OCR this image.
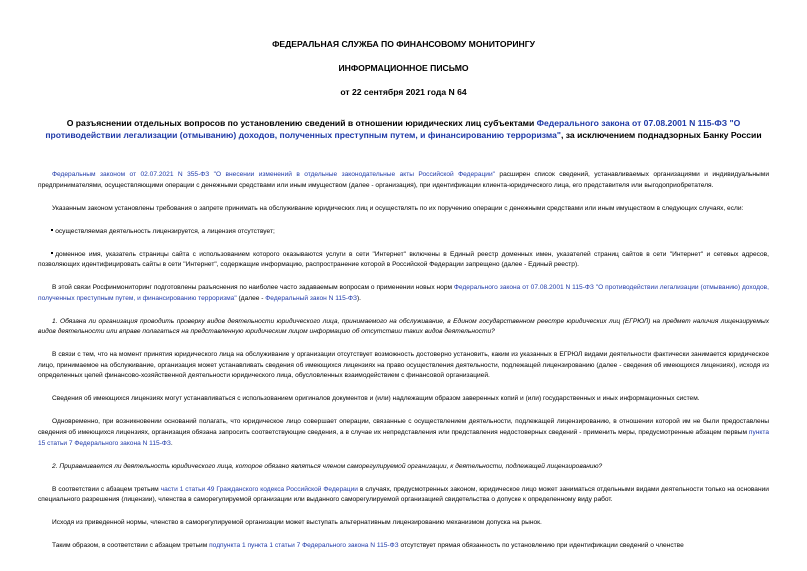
ФЕДЕРАЛЬНАЯ СЛУЖБА ПО ФИНАНСОВОМУ МОНИТОРИНГУ
ИНФОРМАЦИОННОЕ ПИСЬМО
от 22 сентября 2021 года N 64
О разъяснении отдельных вопросов по установлению сведений в отношении юридических лиц субъектами Федерального закона от 07.08.2001 N 115-ФЗ "О противодействии легализации (отмыванию) доходов, полученных преступным путем, и финансированию терроризма", за исключением поднадзорных Банку России
Федеральным законом от 02.07.2021 N 355-ФЗ "О внесении изменений в отдельные законодательные акты Российской Федерации" расширен список сведений, устанавливаемых организациями и индивидуальными предпринимателями, осуществляющими операции с денежными средствами или иным имуществом (далее - организация), при идентификации клиента-юридического лица, его представителя или выгодоприобретателя.
Указанным законом установлены требования о запрете принимать на обслуживание юридических лиц и осуществлять по их поручению операции с денежными средствами или иным имуществом в следующих случаях, если:
осуществляемая деятельность лицензируется, а лицензия отсутствует;
доменное имя, указатель страницы сайта с использованием которого оказываются услуги в сети "Интернет" включены в Единый реестр доменных имен, указателей страниц сайтов в сети "Интернет" и сетевых адресов, позволяющих идентифицировать сайты в сети "Интернет", содержащие информацию, распространение которой в Российской Федерации запрещено (далее - Единый реестр).
В этой связи Росфинмониторинг подготовлены разъяснения по наиболее часто задаваемым вопросам о применении новых норм Федерального закона от 07.08.2001 N 115-ФЗ "О противодействии легализации (отмыванию) доходов, полученных преступным путем, и финансированию терроризма" (далее - Федеральный закон N 115-ФЗ).
1. Обязана ли организация проводить проверку видов деятельности юридического лица, принимаемого на обслуживание, в Едином государственном реестре юридических лиц (ЕГРЮЛ) на предмет наличия лицензируемых видов деятельности или вправе полагаться на представленную юридическим лицом информацию об отсутствии таких видов деятельности?
В связи с тем, что на момент принятия юридического лица на обслуживание у организации отсутствует возможность достоверно установить, каким из указанных в ЕГРЮЛ видами деятельности фактически занимается юридическое лицо, принимаемое на обслуживание, организация может устанавливать сведения об имеющихся лицензиях на право осуществления деятельности, подлежащей лицензированию (далее - сведения об имеющихся лицензиях), исходя из определенных целей финансово-хозяйственной деятельности юридического лица, обусловленных взаимодействием с финансовой организацией.
Сведения об имеющихся лицензиях могут устанавливаться с использованием оригиналов документов и (или) надлежащим образом заверенных копий и (или) государственных и иных информационных систем.
Одновременно, при возникновении оснований полагать, что юридическое лицо совершает операции, связанные с осуществлением деятельности, подлежащей лицензированию, в отношении которой им не были предоставлены сведения об имеющихся лицензиях, организация обязана запросить соответствующие сведения, а в случае их непредставления или представления недостоверных сведений - применить меры, предусмотренные абзацем первым пункта 15 статьи 7 Федерального закона N 115-ФЗ.
2. Приравнивается ли деятельность юридического лица, которое обязано являться членом саморегулируемой организации, к деятельности, подлежащей лицензированию?
В соответствии с абзацем третьим части 1 статьи 49 Гражданского кодекса Российской Федерации в случаях, предусмотренных законом, юридическое лицо может заниматься отдельными видами деятельности только на основании специального разрешения (лицензии), членства в саморегулируемой организации или выданного саморегулируемой организацией свидетельства о допуске к определенному виду работ.
Исходя из приведенной нормы, членство в саморегулируемой организации может выступать альтернативным лицензированию механизмом допуска на рынок.
Таким образом, в соответствии с абзацем третьим подпункта 1 пункта 1 статьи 7 Федерального закона N 115-ФЗ отсутствует прямая обязанность по установлению при идентификации сведений о членстве
